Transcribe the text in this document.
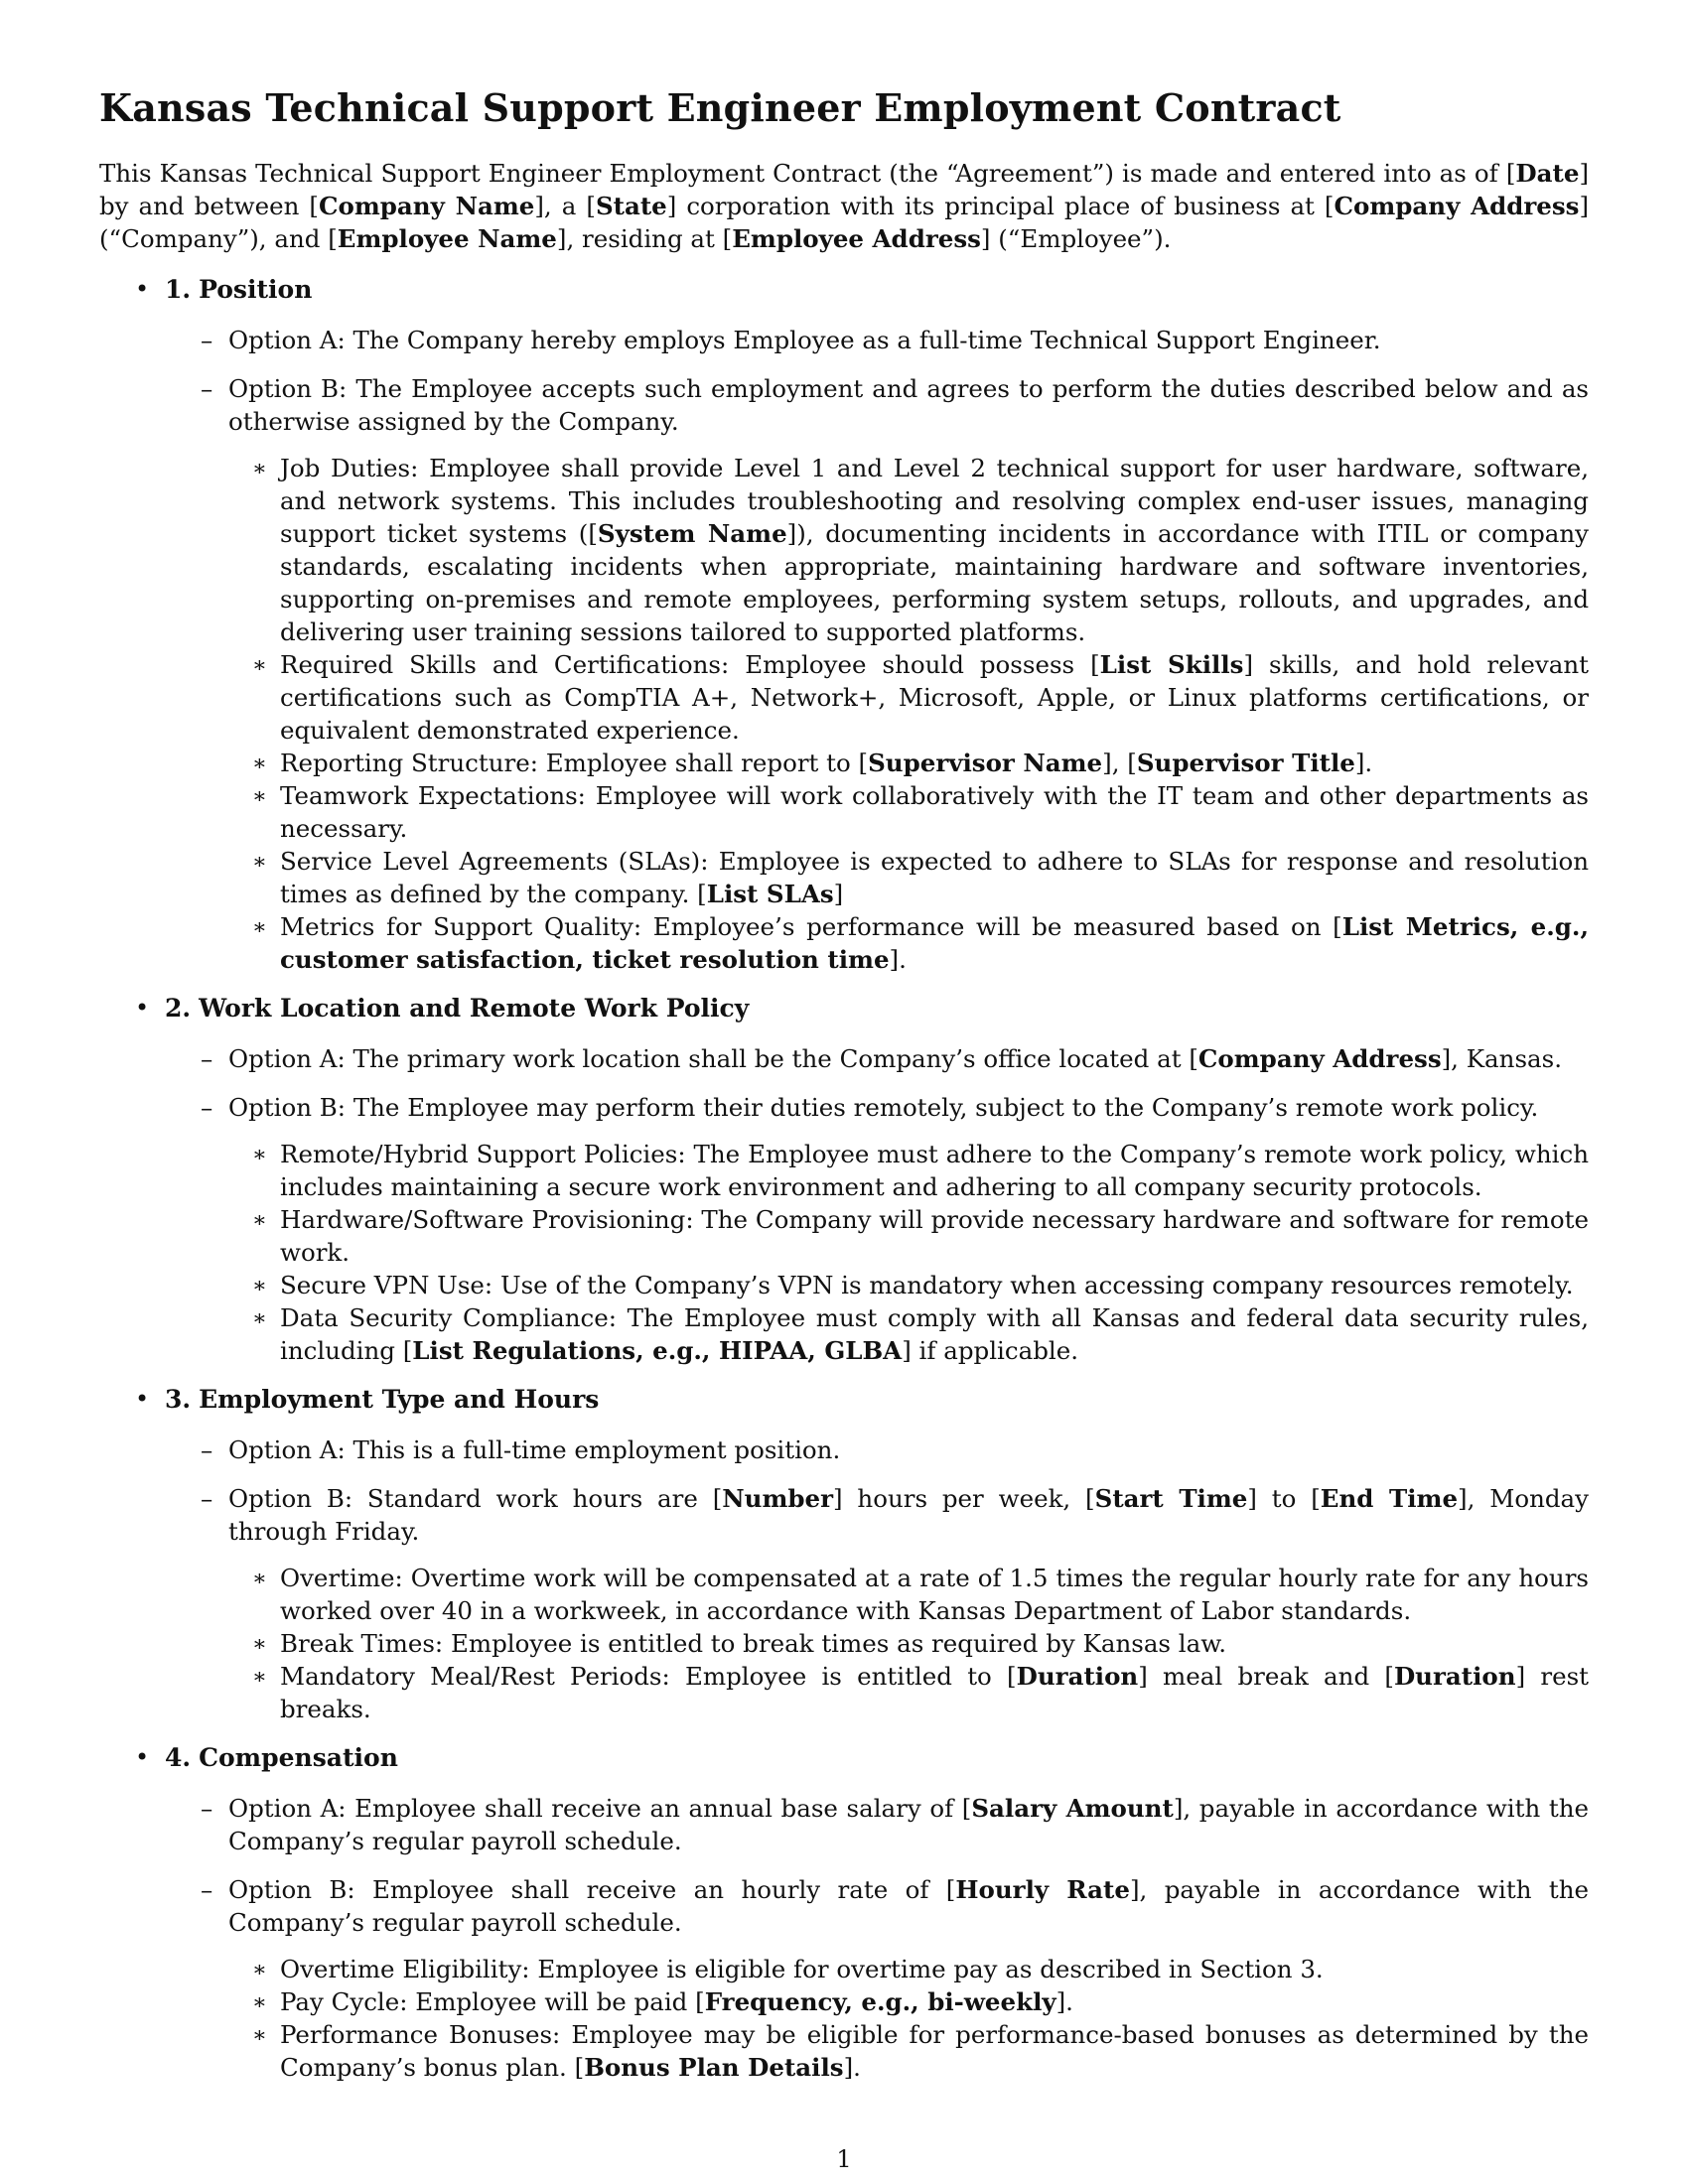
Kansas Technical Support Engineer Employment Contract

This Kansas Technical Support Engineer Employment Contract (the “Agreement”) is made and entered into as of [Date] by and between [Company Name], a [State] corporation with its principal place of business at [Company Address] (“Company”), and [Employee Name], residing at [Employee Address] (“Employee”).

• 1. Position
– Option A: The Company hereby employs Employee as a full-time Technical Support Engineer.
– Option B: The Employee accepts such employment and agrees to perform the duties described below and as otherwise assigned by the Company.
∗ Job Duties: Employee shall provide Level 1 and Level 2 technical support for user hardware, software, and network systems. This includes troubleshooting and resolving complex end-user issues, managing support ticket systems ([System Name]), documenting incidents in accordance with ITIL or company standards, escalating incidents when appropriate, maintaining hardware and software inventories, supporting on-premises and remote employees, performing system setups, rollouts, and upgrades, and delivering user training sessions tailored to supported platforms.
∗ Required Skills and Certifications: Employee should possess [List Skills] skills, and hold relevant certifications such as CompTIA A+, Network+, Microsoft, Apple, or Linux platforms certifications, or equivalent demonstrated experience.
∗ Reporting Structure: Employee shall report to [Supervisor Name], [Supervisor Title].
∗ Teamwork Expectations: Employee will work collaboratively with the IT team and other departments as necessary.
∗ Service Level Agreements (SLAs): Employee is expected to adhere to SLAs for response and resolution times as defined by the company. [List SLAs]
∗ Metrics for Support Quality: Employee’s performance will be measured based on [List Metrics, e.g., customer satisfaction, ticket resolution time].
• 2. Work Location and Remote Work Policy
– Option A: The primary work location shall be the Company’s office located at [Company Address], Kansas.
– Option B: The Employee may perform their duties remotely, subject to the Company’s remote work policy.
∗ Remote/Hybrid Support Policies: The Employee must adhere to the Company’s remote work policy, which includes maintaining a secure work environment and adhering to all company security protocols.
∗ Hardware/Software Provisioning: The Company will provide necessary hardware and software for remote work.
∗ Secure VPN Use: Use of the Company’s VPN is mandatory when accessing company resources remotely.
∗ Data Security Compliance: The Employee must comply with all Kansas and federal data security rules, including [List Regulations, e.g., HIPAA, GLBA] if applicable.
• 3. Employment Type and Hours
– Option A: This is a full-time employment position.
– Option B: Standard work hours are [Number] hours per week, [Start Time] to [End Time], Monday through Friday.
∗ Overtime: Overtime work will be compensated at a rate of 1.5 times the regular hourly rate for any hours worked over 40 in a workweek, in accordance with Kansas Department of Labor standards.
∗ Break Times: Employee is entitled to break times as required by Kansas law.
∗ Mandatory Meal/Rest Periods: Employee is entitled to [Duration] meal break and [Duration] rest breaks.
• 4. Compensation
– Option A: Employee shall receive an annual base salary of [Salary Amount], payable in accordance with the Company’s regular payroll schedule.
– Option B: Employee shall receive an hourly rate of [Hourly Rate], payable in accordance with the Company’s regular payroll schedule.
∗ Overtime Eligibility: Employee is eligible for overtime pay as described in Section 3.
∗ Pay Cycle: Employee will be paid [Frequency, e.g., bi-weekly].
∗ Performance Bonuses: Employee may be eligible for performance-based bonuses as determined by the Company’s bonus plan. [Bonus Plan Details].
1
